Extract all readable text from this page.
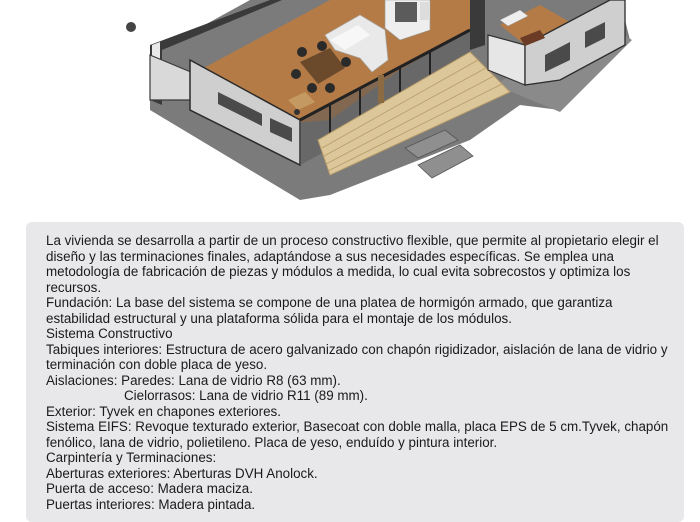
La vivienda se desarrolla a partir de un proceso constructivo flexible, que permite al propietario elegir el diseño y las terminaciones finales, adaptándose a sus necesidades específicas. Se emplea una metodología de fabricación de piezas y módulos a medida, lo cual evita sobrecostos y optimiza los recursos.

Fundación: La base del sistema se compone de una platea de hormigón armado, que garantiza estabilidad estructural y una plataforma sólida para el montaje de los módulos.

Sistema Constructivo

Tabiques interiores: Estructura de acero galvanizado con chapón rigidizador, aislación de lana de vidrio y terminación con doble placa de yeso.

Aislaciones: Paredes: Lana de vidrio R8 (63 mm).

Cielorrasos: Lana de vidrio R11 (89 mm).

Exterior: Tyvek en chapones exteriores.

Sistema EIFS: Revoque texturado exterior, Basecoat con doble malla, placa EPS de 5 cm.Tyvek, chapón fenólico, lana de vidrio, polietileno. Placa de yeso, enduído y pintura interior.

Carpintería y Terminaciones:

Aberturas exteriores: Aberturas DVH Anolock.

Puerta de acceso: Madera maciza.

Puertas interiores: Madera pintada.
